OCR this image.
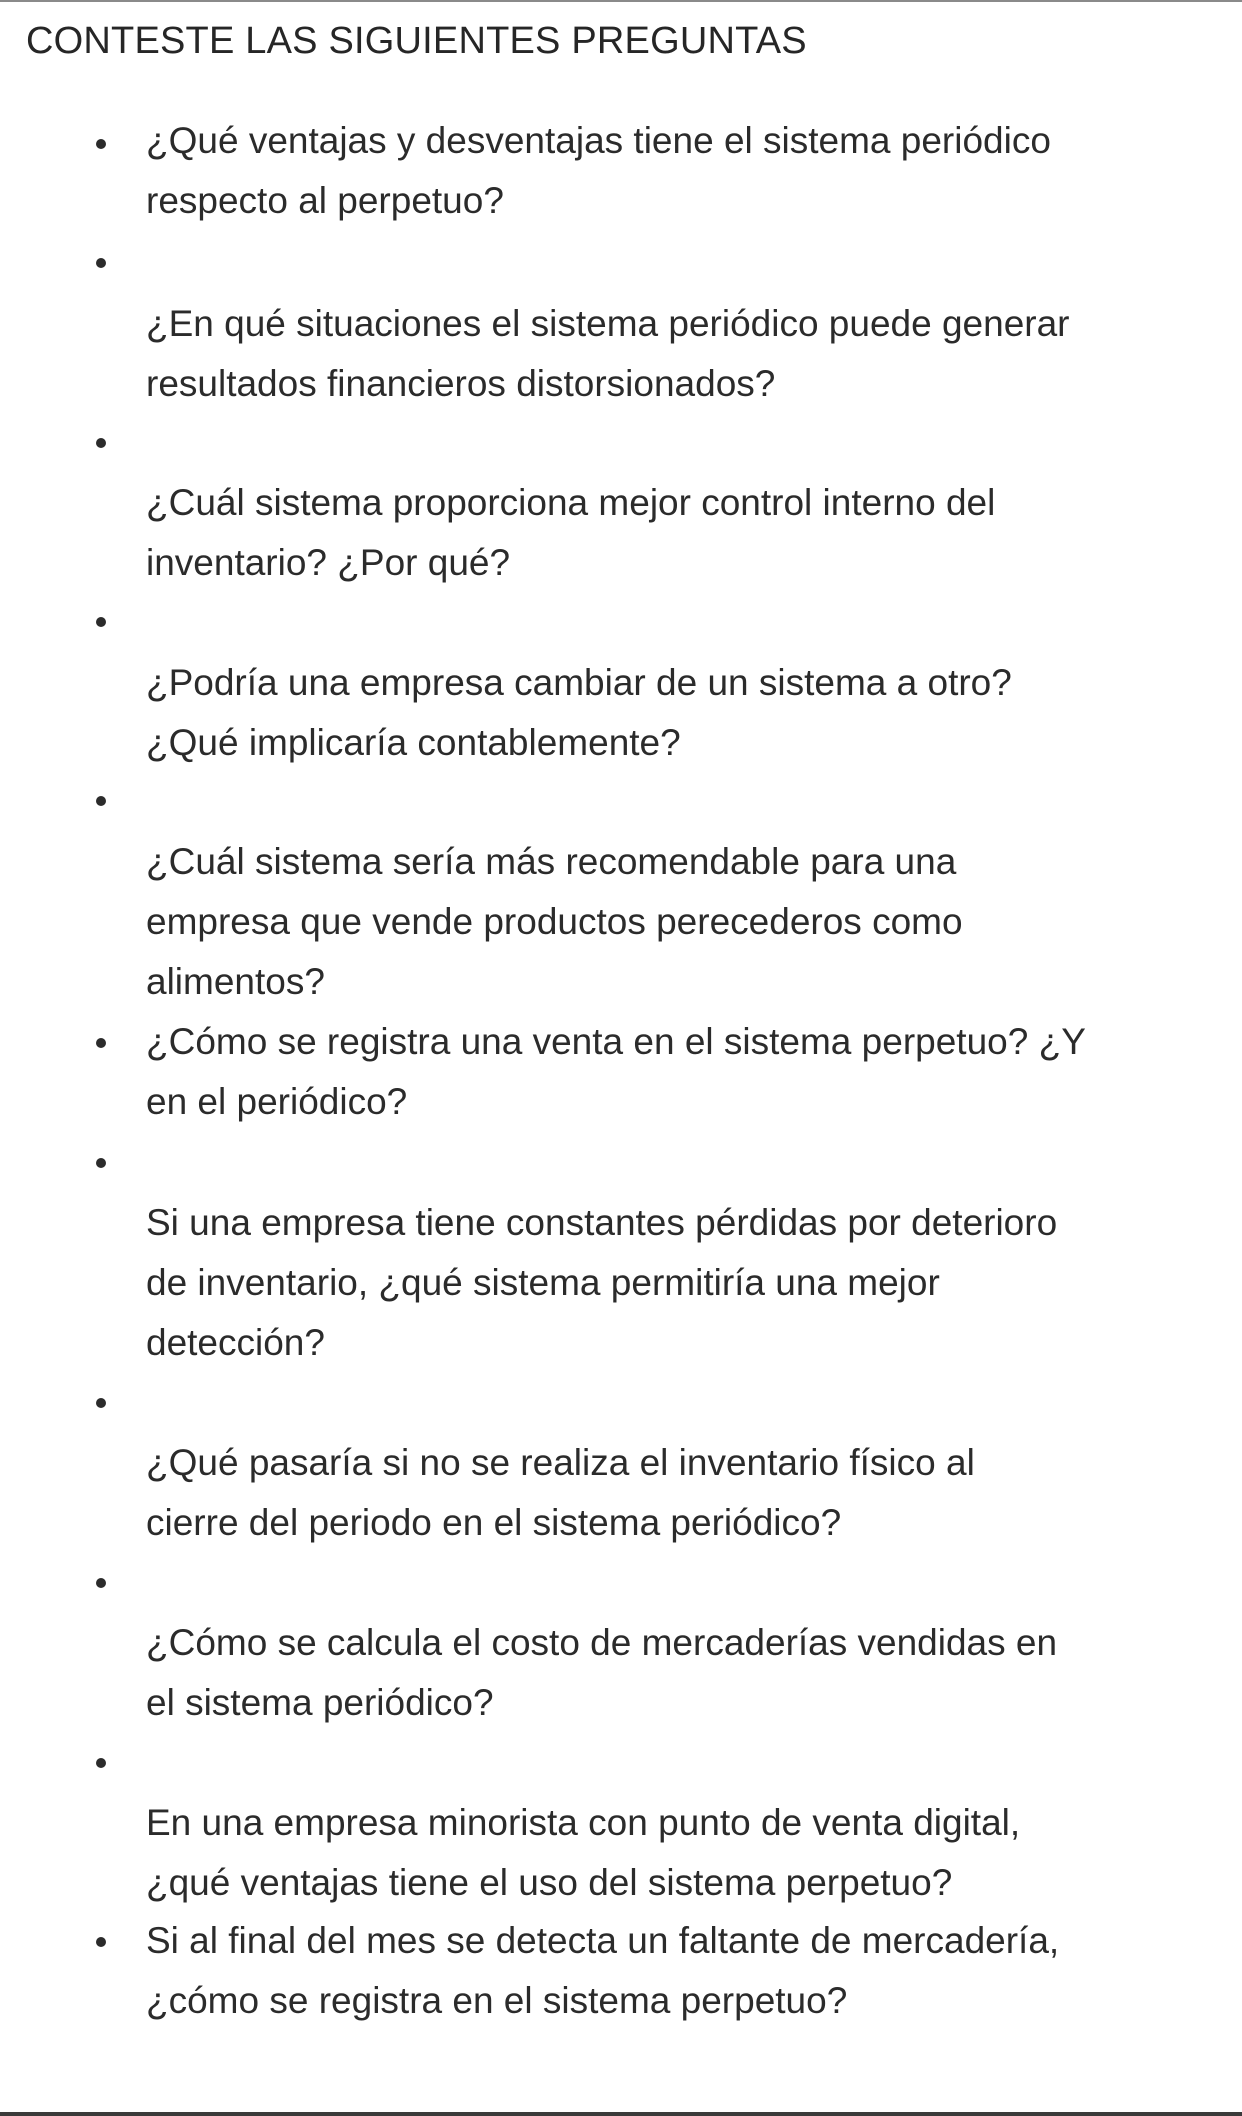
CONTESTE LAS SIGUIENTES PREGUNTAS
¿Qué ventajas y desventajas tiene el sistema periódico
respecto al perpetuo?
¿En qué situaciones el sistema periódico puede generar
resultados financieros distorsionados?
¿Cuál sistema proporciona mejor control interno del
inventario? ¿Por qué?
¿Podría una empresa cambiar de un sistema a otro?
¿Qué implicaría contablemente?
¿Cuál sistema sería más recomendable para una
empresa que vende productos perecederos como
alimentos?
¿Cómo se registra una venta en el sistema perpetuo? ¿Y
en el periódico?
Si una empresa tiene constantes pérdidas por deterioro
de inventario, ¿qué sistema permitiría una mejor
detección?
¿Qué pasaría si no se realiza el inventario físico al
cierre del periodo en el sistema periódico?
¿Cómo se calcula el costo de mercaderías vendidas en
el sistema periódico?
En una empresa minorista con punto de venta digital,
¿qué ventajas tiene el uso del sistema perpetuo?
Si al final del mes se detecta un faltante de mercadería,
¿cómo se registra en el sistema perpetuo?
